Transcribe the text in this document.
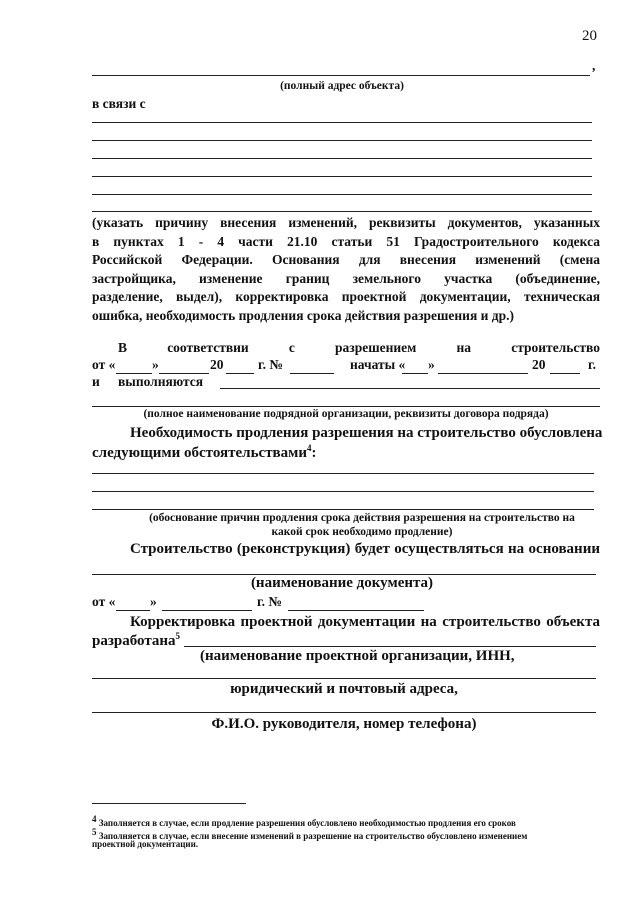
20
,
(полный адрес объекта)
в связи с
(указать причину внесения изменений, реквизиты документов, указанных
в пунктах 1 - 4 части 21.10 статьи 51 Градостроительного кодекса
Российской Федерации. Основания для внесения изменений (смена
застройщика, изменение границ земельного участка (объединение,
разделение, выдел), корректировка проектной документации, техническая
ошибка, необходимость продления срока действия разрешения и др.)
В	соответствии	с	разрешением	на	строительство
от «	»	20	г. №	начаты « »	20	г.
и выполняются
(полное наименование подрядной организации, реквизиты договора подряда)
Необходимость продления разрешения на строительство обусловлена
следующими обстоятельствами$^4$:
(обоснование причин продления срока действия разрешения на строительство на
какой срок необходимо продление)
Строительство (реконструкция) будет осуществляться на основании
(наименование документа)
от «	»	г. №
Корректировка проектной документации на строительство объекта
разработана$^5$
(наименование проектной организации, ИНН,
юридический и почтовый адреса,
Ф.И.О. руководителя, номер телефона)
$^4$ Заполняется в случае, если продление разрешения обусловлено необходимостью продления его сроков
$^5$ Заполняется в случае, если внесение изменений в разрешение на строительство обусловлено изменением
проектной документации.
